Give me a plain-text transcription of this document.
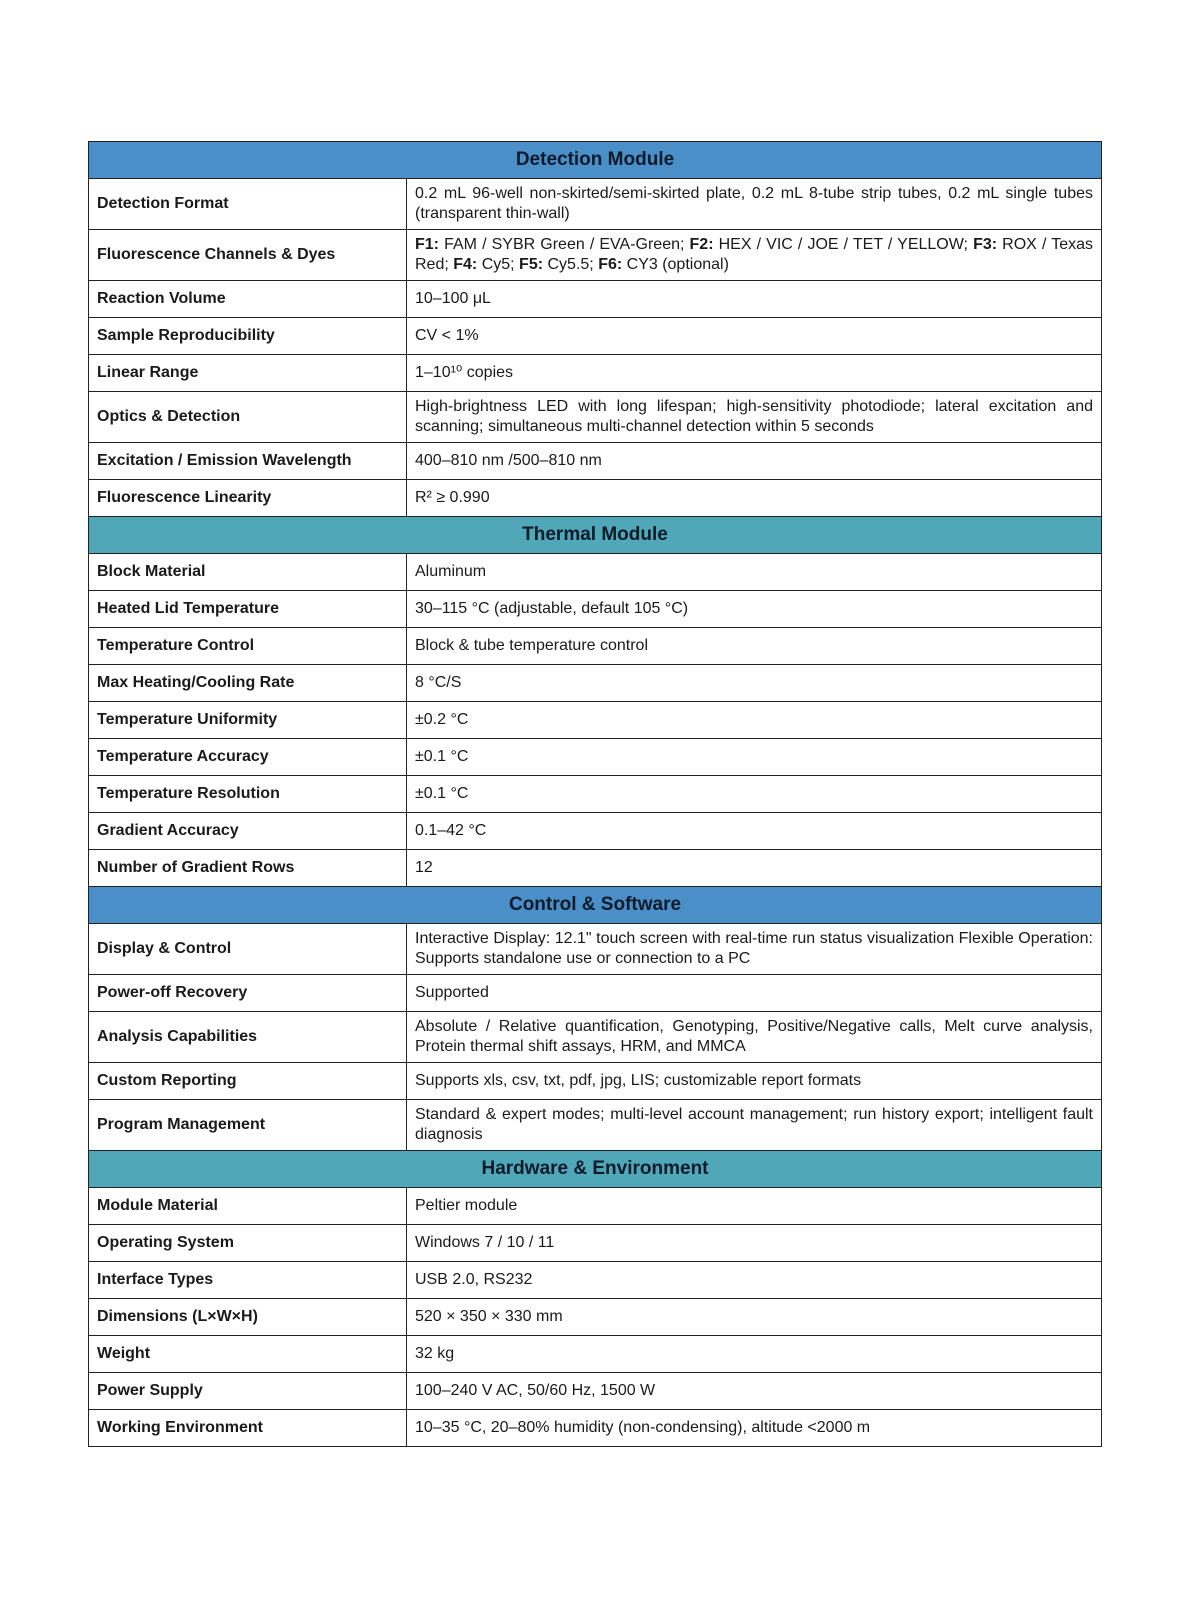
Detection Module	
Detection Format	0.2 mL 96-well non-skirted/semi-skirted plate, 0.2 mL 8-tube strip tubes, 0.2 mL single tubes (transparent thin-wall)
Fluorescence Channels & Dyes	F1: FAM / SYBR Green / EVA-Green; F2: HEX / VIC / JOE / TET / YELLOW; F3: ROX / Texas Red; F4: Cy5; F5: Cy5.5; F6: CY3 (optional)
Reaction Volume	10–100 μL
Sample Reproducibility	CV < 1%
Linear Range	1–10¹⁰ copies
Optics & Detection	High-brightness LED with long lifespan; high-sensitivity photodiode; lateral excitation and scanning; simultaneous multi-channel detection within 5 seconds
Excitation / Emission Wavelength	400–810 nm /500–810 nm
Fluorescence Linearity	R² ≥ 0.990
Thermal Module	
Block Material	Aluminum
Heated Lid Temperature	30–115 °C (adjustable, default 105 °C)
Temperature Control	Block & tube temperature control
Max Heating/Cooling Rate	8 °C/S
Temperature Uniformity	±0.2 °C
Temperature Accuracy	±0.1 °C
Temperature Resolution	±0.1 °C
Gradient Accuracy	0.1–42 °C
Number of Gradient Rows	12
Control & Software	
Display & Control	Interactive Display: 12.1" touch screen with real-time run status visualization Flexible Operation: Supports standalone use or connection to a PC
Power-off Recovery	Supported
Analysis Capabilities	Absolute / Relative quantification, Genotyping, Positive/Negative calls, Melt curve analysis, Protein thermal shift assays, HRM, and MMCA
Custom Reporting	Supports xls, csv, txt, pdf, jpg, LIS; customizable report formats
Program Management	Standard & expert modes; multi-level account management; run history export; intelligent fault diagnosis
Hardware & Environment	
Module Material	Peltier module
Operating System	Windows 7 / 10 / 11
Interface Types	USB 2.0, RS232
Dimensions (L×W×H)	520 × 350 × 330 mm
Weight	32 kg
Power Supply	100–240 V AC, 50/60 Hz, 1500 W
Working Environment	10–35 °C, 20–80% humidity (non-condensing), altitude <2000 m
